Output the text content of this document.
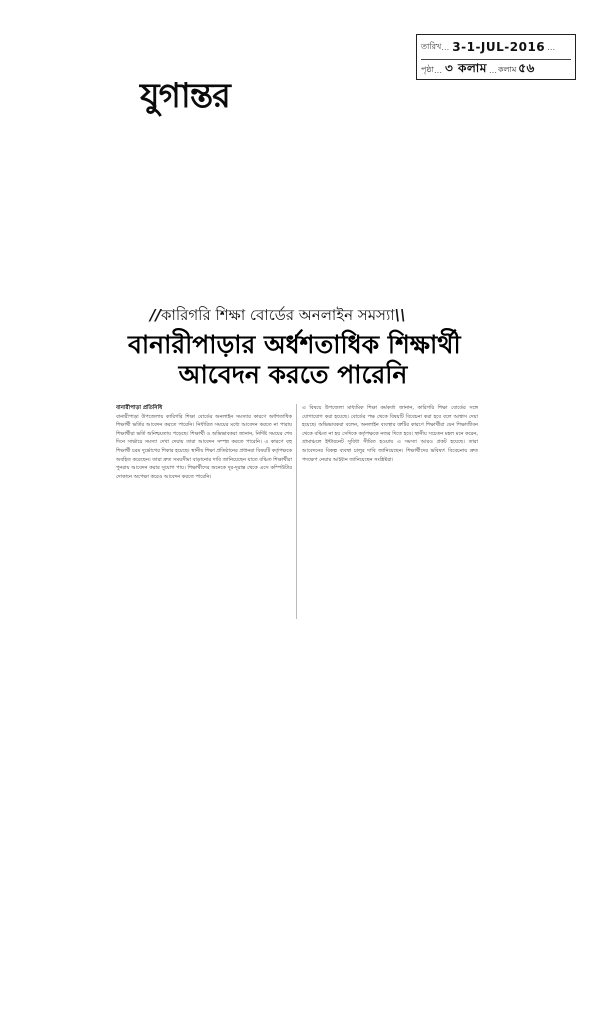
তারিখ … 3-1-JUL-2016 …
পৃষ্ঠা … ৩ কলাম … কলাম ৫৬
যুগান্তর
//কারিগরি শিক্ষা বোর্ডের অনলাইন সমস্যা\\
বানারীপাড়ার অর্ধশতাধিক শিক্ষার্থী
আবেদন করতে পারেনি
বানারীপাড়া প্রতিনিধি

বানারীপাড়া উপজেলায় কারিগরি শিক্ষা বোর্ডের অনলাইন সমস্যার কারণে অর্ধশতাধিক শিক্ষার্থী ভর্তির আবেদন করতে পারেনি। নির্ধারিত সময়ের মধ্যে আবেদন করতে না পারায় শিক্ষার্থীরা ভর্তি অনিশ্চয়তায় পড়েছে। শিক্ষার্থী ও অভিভাবকরা জানান, নির্দিষ্ট সময়ের শেষ দিনে সার্ভারে সমস্যা দেখা দেয়ায় তারা আবেদন সম্পন্ন করতে পারেনি। এ কারণে বহু শিক্ষার্থী চরম দুর্ভোগের শিকার হয়েছে। স্থানীয় শিক্ষা প্রতিষ্ঠানের প্রধানরা বিষয়টি কর্তৃপক্ষকে অবহিত করেছেন। তারা দ্রুত সময়সীমা বাড়ানোর দাবি জানিয়েছেন যাতে বঞ্চিত শিক্ষার্থীরা পুনরায় আবেদন করার সুযোগ পায়। শিক্ষার্থীদের অনেকে দূর-দূরান্ত থেকে এসে কম্পিউটার দোকানে অপেক্ষা করেও আবেদন করতে পারেনি।

এ বিষয়ে উপজেলা মাধ্যমিক শিক্ষা কর্মকর্তা জানান, কারিগরি শিক্ষা বোর্ডের সঙ্গে যোগাযোগ করা হয়েছে। বোর্ডের পক্ষ থেকে বিষয়টি বিবেচনা করা হবে বলে আশ্বাস দেয়া হয়েছে। অভিভাবকরা বলেন, অনলাইন ব্যবস্থার ত্রুটির কারণে শিক্ষার্থীরা যেন শিক্ষাজীবন থেকে বঞ্চিত না হয় সেদিকে কর্তৃপক্ষকে নজর দিতে হবে। স্থানীয় সচেতন মহল মনে করেন, গ্রামাঞ্চলে ইন্টারনেট সুবিধা সীমিত হওয়ায় এ সমস্যা আরও প্রকট হয়েছে। তারা আবেদনের বিকল্প ব্যবস্থা চালুর দাবি জানিয়েছেন। শিক্ষার্থীদের ভবিষ্যৎ বিবেচনায় দ্রুত পদক্ষেপ নেয়ার আহ্বান জানিয়েছেন সংশ্লিষ্টরা।
